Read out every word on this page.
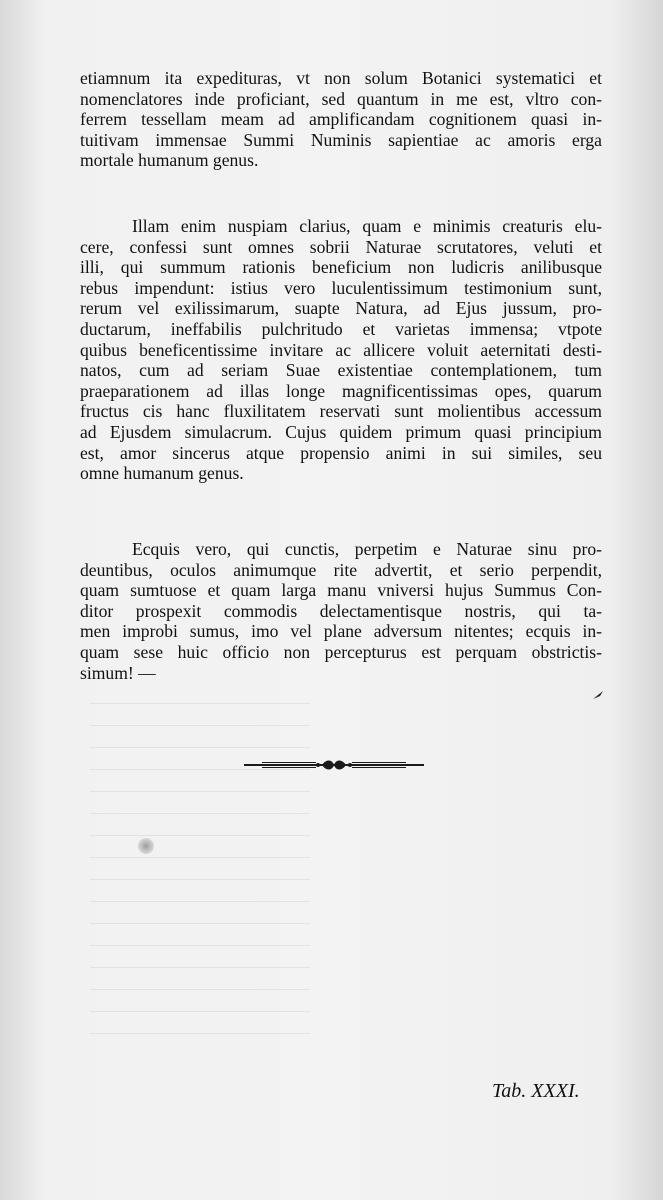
etiamnum ita expedituras, vt non solum Botanici systematici et
nomenclatores inde proficiant, sed quantum in me est, vltro con-
ferrem tessellam meam ad amplificandam cognitionem quasi in-
tuitivam immensae Summi Numinis sapientiae ac amoris erga
mortale humanum genus.
Illam enim nuspiam clarius, quam e minimis creaturis elu-
cere, confessi sunt omnes sobrii Naturae scrutatores, veluti et
illi, qui summum rationis beneficium non ludicris anilibusque
rebus impendunt: istius vero luculentissimum testimonium sunt,
rerum vel exilissimarum, suapte Natura, ad Ejus jussum, pro-
ductarum, ineffabilis pulchritudo et varietas immensa; vtpote
quibus beneficentissime invitare ac allicere voluit aeternitati desti-
natos, cum ad seriam Suae existentiae contemplationem, tum
praeparationem ad illas longe magnificentissimas opes, quarum
fructus cis hanc fluxilitatem reservati sunt molientibus accessum
ad Ejusdem simulacrum. Cujus quidem primum quasi principium
est, amor sincerus atque propensio animi in sui similes, seu
omne humanum genus.
Ecquis vero, qui cunctis, perpetim e Naturae sinu pro-
deuntibus, oculos animumque rite advertit, et serio perpendit,
quam sumtuose et quam larga manu vniversi hujus Summus Con-
ditor prospexit commodis delectamentisque nostris, qui ta-
men improbi sumus, imo vel plane adversum nitentes; ecquis in-
quam sese huic officio non percepturus est perquam obstrictis-
simum! —
Tab. XXXI.
